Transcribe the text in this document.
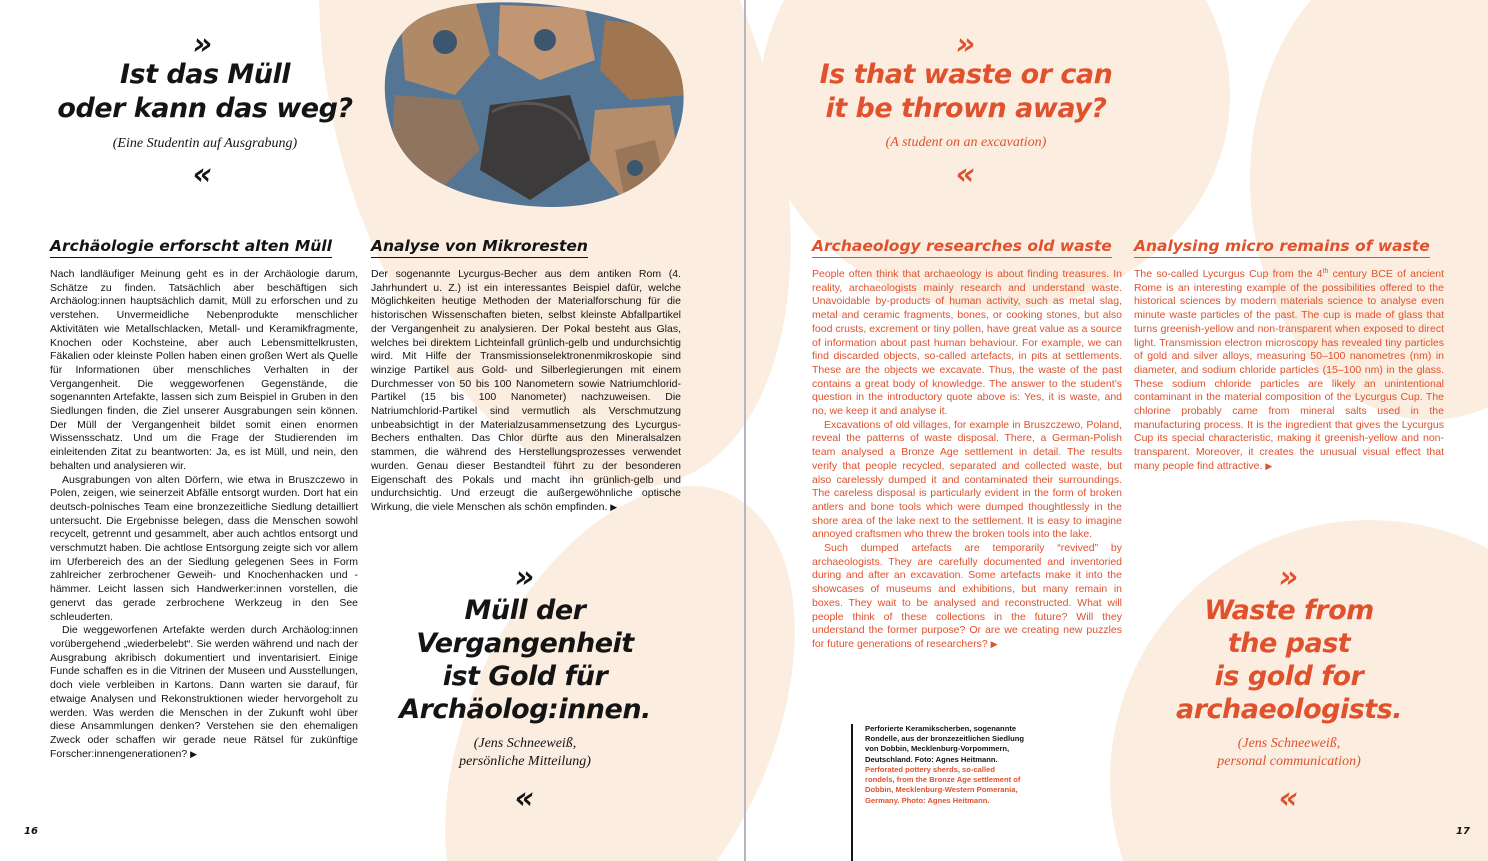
»
Ist das Müll
oder kann das weg?
(Eine Studentin auf Ausgrabung)
«
Archäologie erforscht alten Müll

Nach landläufiger Meinung geht es in der Archäologie darum, Schätze zu finden. Tatsächlich aber beschäftigen sich Archäolog:innen hauptsächlich damit, Müll zu erforschen und zu verstehen. Unvermeidliche Nebenprodukte menschlicher Aktivitäten wie Metallschlacken, Metall- und Keramikfragmente, Knochen oder Kochsteine, aber auch Lebensmittelkrusten, Fäkalien oder kleinste Pollen haben einen großen Wert als Quelle für Informationen über menschliches Verhalten in der Vergangenheit. Die weggeworfenen Gegenstände, die sogenannten Artefakte, lassen sich zum Beispiel in Gruben in den Siedlungen finden, die Ziel unserer Ausgrabungen sein können. Der Müll der Vergangenheit bildet somit einen enormen Wissensschatz. Und um die Frage der Studierenden im einleitenden Zitat zu beantworten: Ja, es ist Müll, und nein, den behalten und analysieren wir.

Ausgrabungen von alten Dörfern, wie etwa in Bruszczewo in Polen, zeigen, wie seinerzeit Abfälle entsorgt wurden. Dort hat ein deutsch-polnisches Team eine bronzezeitliche Siedlung detailliert untersucht. Die Ergebnisse belegen, dass die Menschen sowohl recycelt, getrennt und gesammelt, aber auch achtlos entsorgt und verschmutzt haben. Die achtlose Entsorgung zeigte sich vor allem im Uferbereich des an der Siedlung gelegenen Sees in Form zahlreicher zerbrochener Geweih- und Knochenhacken und -hämmer. Leicht lassen sich Handwerker:innen vorstellen, die genervt das gerade zerbrochene Werkzeug in den See schleuderten.

Die weggeworfenen Artefakte werden durch Archäolog:innen vorübergehend „wiederbelebt“. Sie werden während und nach der Ausgrabung akribisch dokumentiert und inventarisiert. Einige Funde schaffen es in die Vitrinen der Museen und Ausstellungen, doch viele verbleiben in Kartons. Dann warten sie darauf, für etwaige Analysen und Rekonstruktionen wieder hervorgeholt zu werden. Was werden die Menschen in der Zukunft wohl über diese Ansammlungen denken? Verstehen sie den ehemaligen Zweck oder schaffen wir gerade neue Rätsel für zukünftige Forscher:innengenerationen? ▶

Analyse von Mikroresten

Der sogenannte Lycurgus-Becher aus dem antiken Rom (4. Jahrhundert u. Z.) ist ein interessantes Beispiel dafür, welche Möglichkeiten heutige Methoden der Materialforschung für die historischen Wissenschaften bieten, selbst kleinste Abfallpartikel der Vergangenheit zu analysieren. Der Pokal besteht aus Glas, welches bei direktem Lichteinfall grünlich-gelb und undurchsichtig wird. Mit Hilfe der Transmissionselektronenmikroskopie sind winzige Partikel aus Gold- und Silberlegierungen mit einem Durchmesser von 50 bis 100 Nanometern sowie Natriumchlorid-Partikel (15 bis 100 Nanometer) nachzuweisen. Die Natriumchlorid-Partikel sind vermutlich als Verschmutzung unbeabsichtigt in der Materialzusammensetzung des Lycurgus-Bechers enthalten. Das Chlor dürfte aus den Mineralsalzen stammen, die während des Herstellungsprozesses verwendet wurden. Genau dieser Bestandteil führt zu der besonderen Eigenschaft des Pokals und macht ihn grünlich-gelb und undurchsichtig. Und erzeugt die außergewöhnliche optische Wirkung, die viele Menschen als schön empfinden. ▶

»
Müll der
Vergangenheit
ist Gold für
Archäolog:innen.
(Jens Schneeweiß,
persönliche Mitteilung)
«
16
»
Is that waste or can
it be thrown away?
(A student on an excavation)
«
Archaeology researches old waste

People often think that archaeology is about finding treasures. In reality, archaeologists mainly research and understand waste. Unavoidable by-products of human activity, such as metal slag, metal and ceramic fragments, bones, or cooking stones, but also food crusts, excrement or tiny pollen, have great value as a source of information about past human behaviour. For example, we can find discarded objects, so-called artefacts, in pits at settlements. These are the objects we excavate. Thus, the waste of the past contains a great body of knowledge. The answer to the student’s question in the introductory quote above is: Yes, it is waste, and no, we keep it and analyse it.

Excavations of old villages, for example in Bruszczewo, Poland, reveal the patterns of waste disposal. There, a German-Polish team analysed a Bronze Age settlement in detail. The results verify that people recycled, separated and collected waste, but also carelessly dumped it and contaminated their surroundings. The careless disposal is particularly evident in the form of broken antlers and bone tools which were dumped thoughtlessly in the shore area of the lake next to the settlement. It is easy to imagine annoyed craftsmen who threw the broken tools into the lake.

Such dumped artefacts are temporarily “revived” by archaeologists. They are carefully documented and inventoried during and after an excavation. Some artefacts make it into the showcases of museums and exhibitions, but many remain in boxes. They wait to be analysed and reconstructed. What will people think of these collections in the future? Will they understand the former purpose? Or are we creating new puzzles for future generations of researchers? ▶

Analysing micro remains of waste

The so-called Lycurgus Cup from the 4th century BCE of ancient Rome is an interesting example of the possibilities offered to the historical sciences by modern materials science to analyse even minute waste particles of the past. The cup is made of glass that turns greenish-yellow and non-transparent when exposed to direct light. Transmission electron microscopy has revealed tiny particles of gold and silver alloys, measuring 50–100 nanometres (nm) in diameter, and sodium chloride particles (15–100 nm) in the glass. These sodium chloride particles are likely an unintentional contaminant in the material composition of the Lycurgus Cup. The chlorine probably came from mineral salts used in the manufacturing process. It is the ingredient that gives the Lycurgus Cup its special characteristic, making it greenish-yellow and non-transparent. Moreover, it creates the unusual visual effect that many people find attractive. ▶

»
Waste from
the past
is gold for
archaeologists.
(Jens Schneeweiß,
personal communication)
«
Perforierte Keramikscherben, sogenannte
Rondelle, aus der bronzezeitlichen Siedlung
von Dobbin, Mecklenburg-Vorpommern,
Deutschland. Foto: Agnes Heitmann.
Perforated pottery sherds, so-called
rondels, from the Bronze Age settlement of
Dobbin, Mecklenburg-Western Pomerania,
Germany. Photo: Agnes Heitmann.
17
